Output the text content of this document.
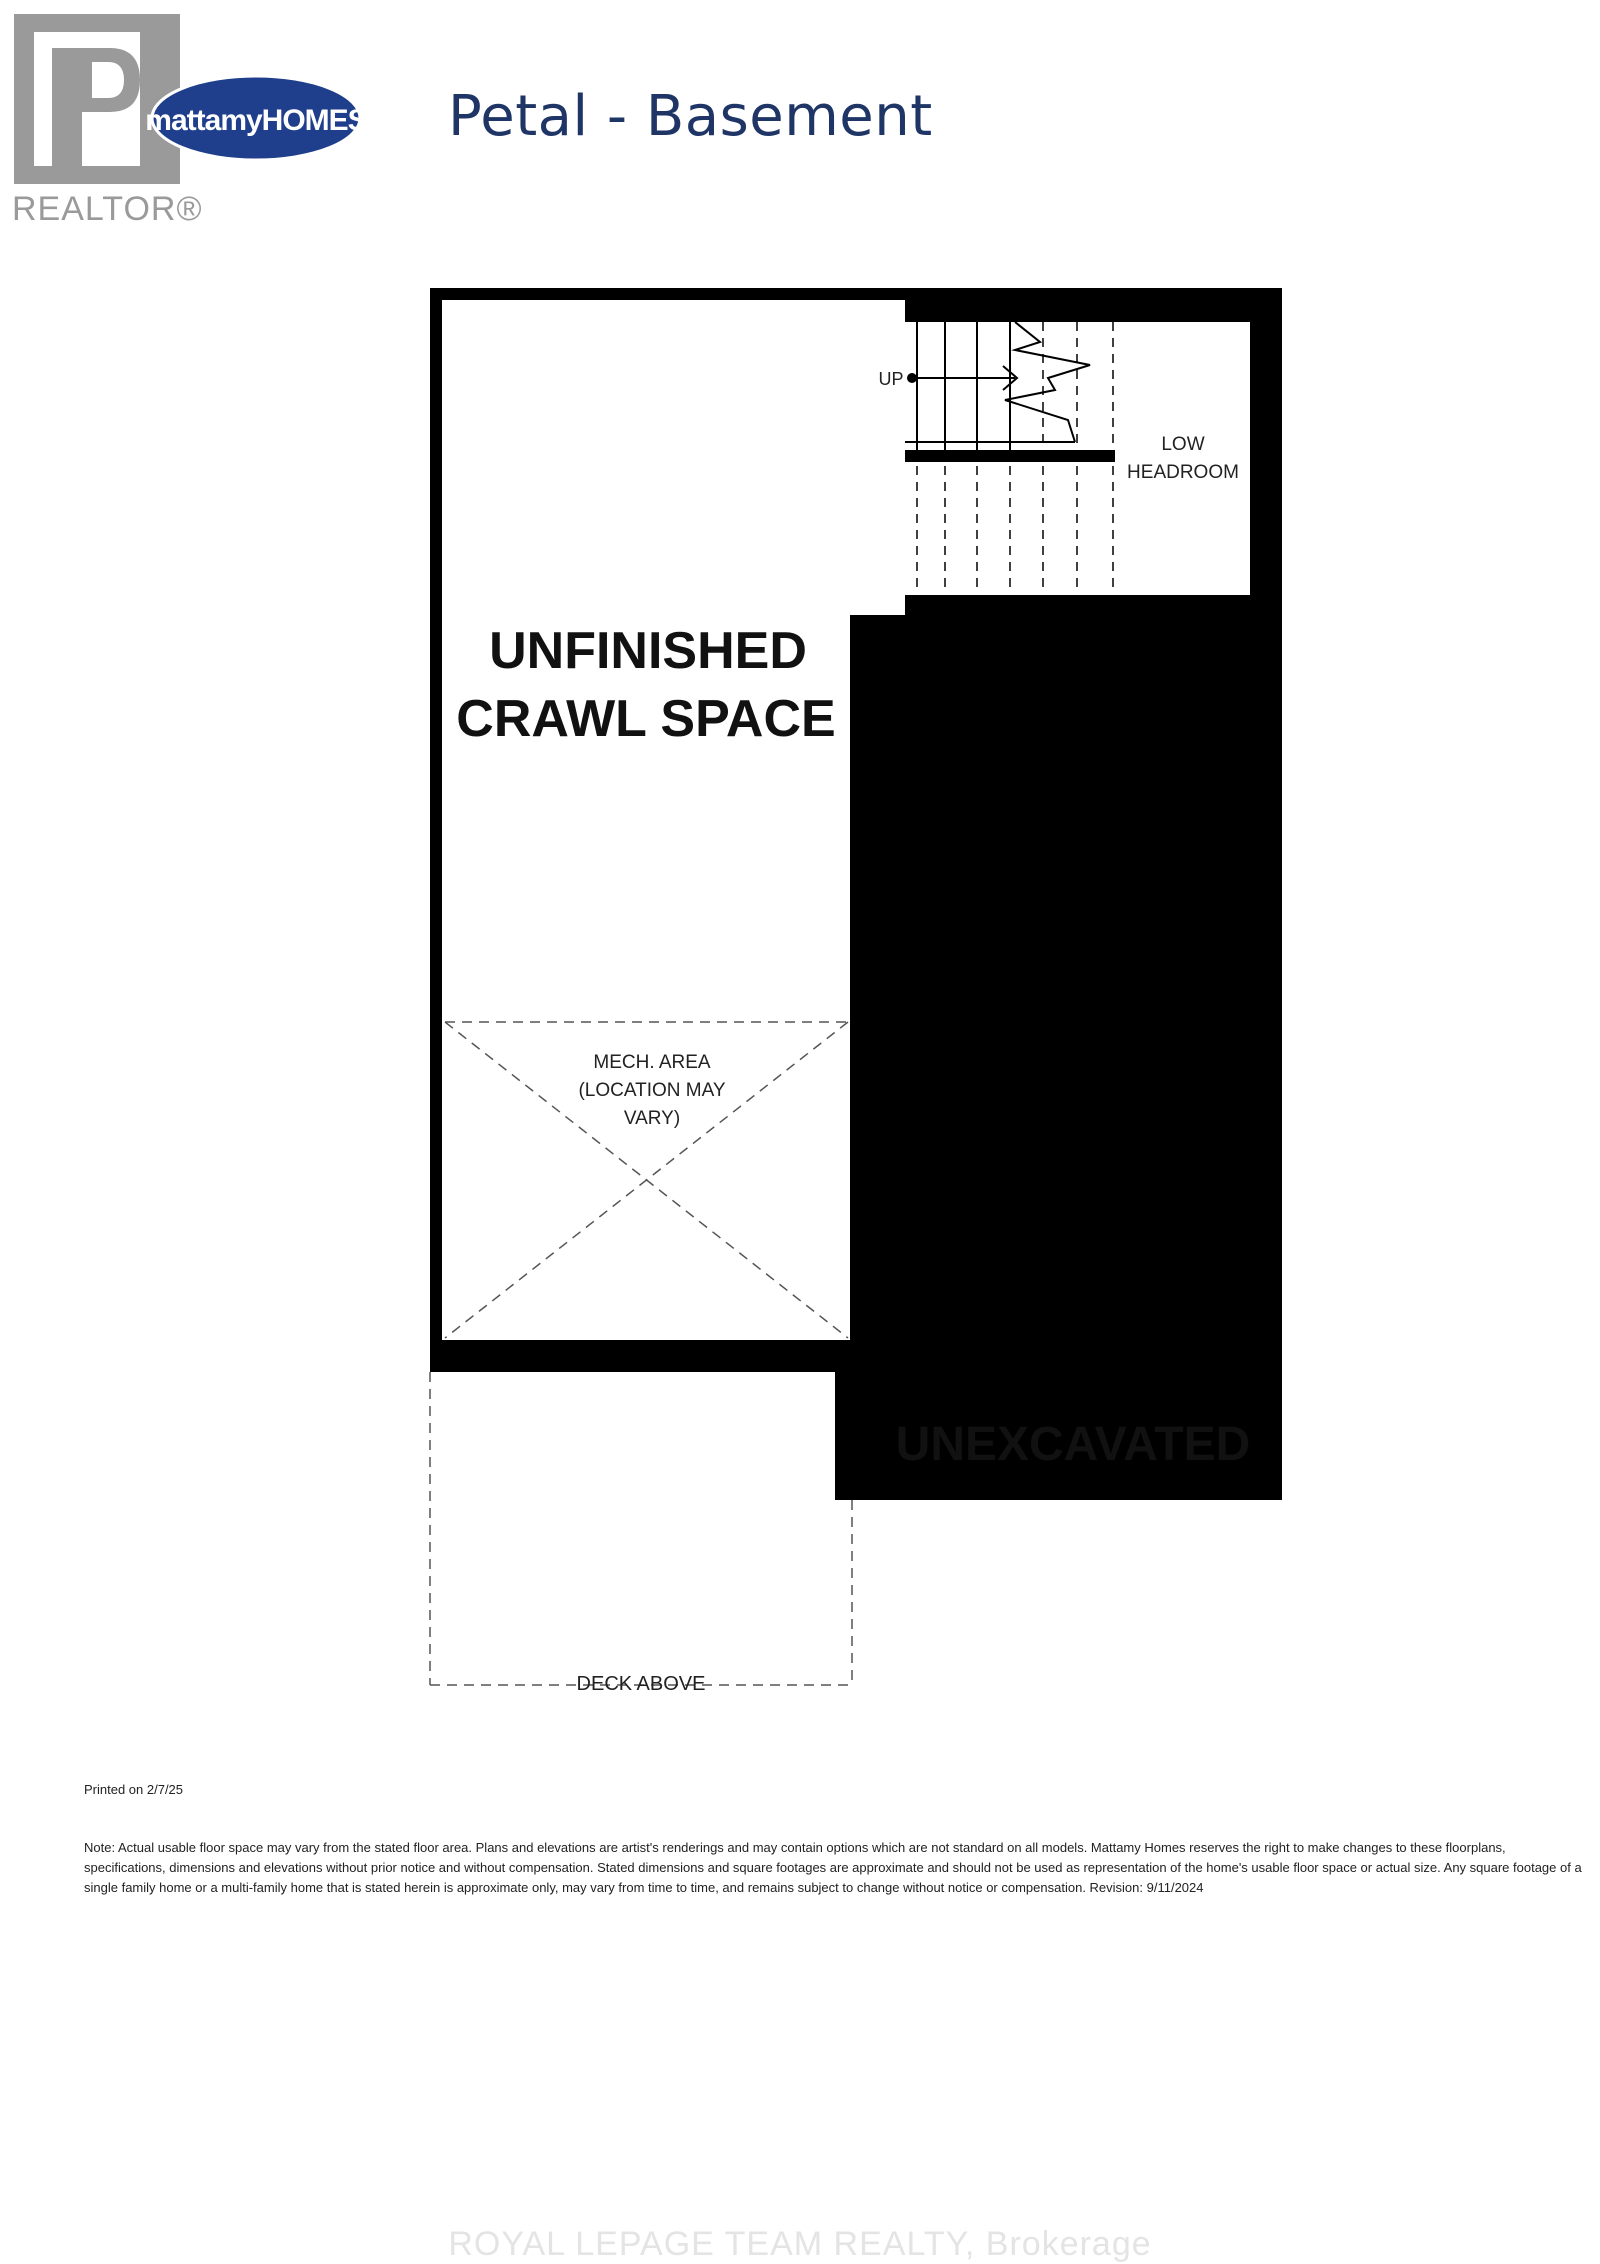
mattamyHOMES
UNFINISHED
CRAWL SPACE
UNEXCAVATED
UP
LOW
HEADROOM
MECH. AREA
(LOCATION MAY
VARY)
DECK ABOVE
Petal - Basement
REALTOR®
Printed on 2/7/25
Note: Actual usable floor space may vary from the stated floor area. Plans and elevations are artist's renderings and may contain options which are not standard on all models. Mattamy Homes reserves the right to make changes to these floorplans, specifications, dimensions and elevations without prior notice and without compensation. Stated dimensions and square footages are approximate and should not be used as representation of the home's usable floor space or actual size. Any square footage of a single family home or a multi-family home that is stated herein is approximate only, may vary from time to time, and remains subject to change without notice or compensation. Revision: 9/11/2024
ROYAL LEPAGE TEAM REALTY, Brokerage
